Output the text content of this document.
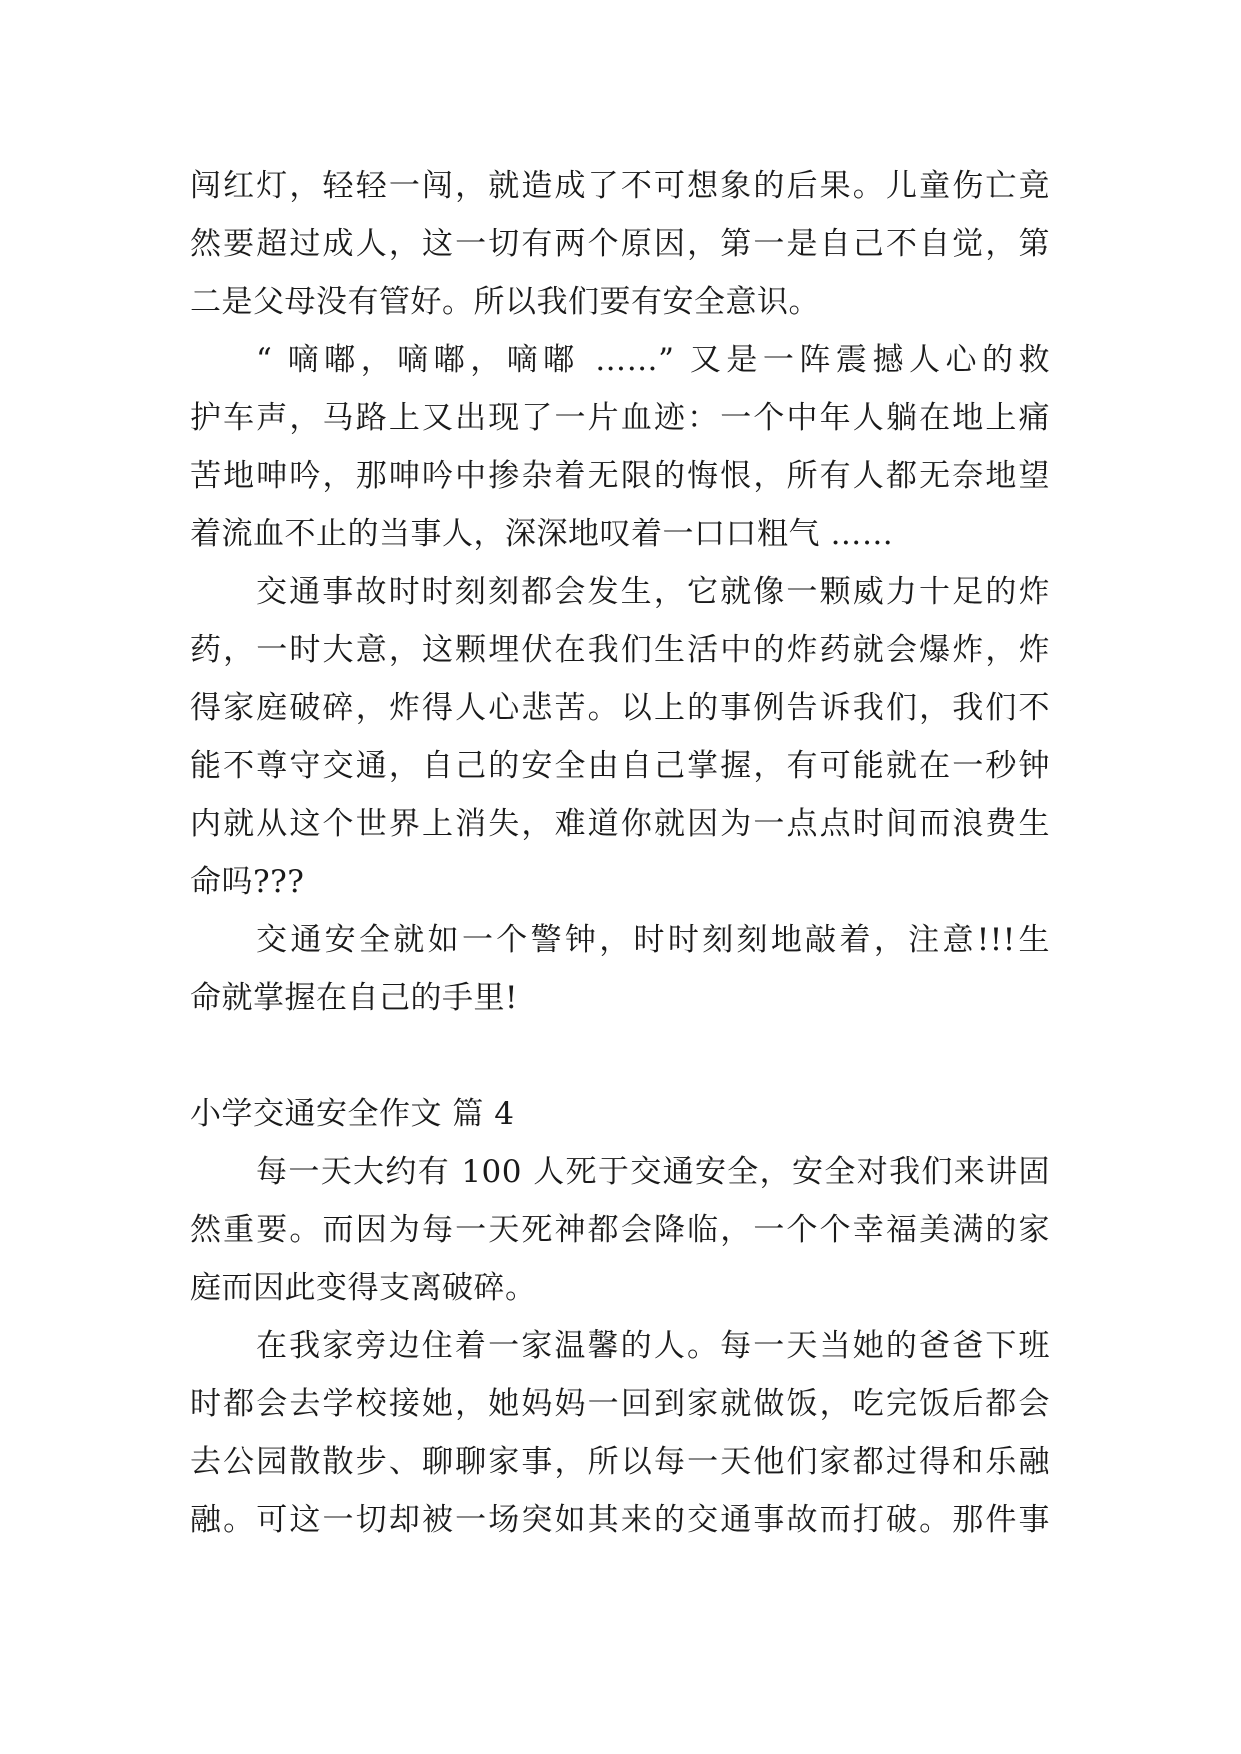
闯红灯，轻轻一闯，就造成了不可想象的后果。儿童伤亡竟
然要超过成人，这一切有两个原因，第一是自己不自觉，第
二是父母没有管好。所以我们要有安全意识。
“ 嘀嘟，嘀嘟，嘀嘟 ……” 又是一阵震撼人心的救
护车声，马路上又出现了一片血迹：一个中年人躺在地上痛
苦地呻吟，那呻吟中掺杂着无限的悔恨，所有人都无奈地望
着流血不止的当事人，深深地叹着一口口粗气 ……
交通事故时时刻刻都会发生，它就像一颗威力十足的炸
药，一时大意，这颗埋伏在我们生活中的炸药就会爆炸，炸
得家庭破碎，炸得人心悲苦。以上的事例告诉我们，我们不
能不尊守交通，自己的安全由自己掌握，有可能就在一秒钟
内就从这个世界上消失，难道你就因为一点点时间而浪费生
命吗???
交通安全就如一个警钟，时时刻刻地敲着，注意!!!生
命就掌握在自己的手里!
小学交通安全作文 篇 4
每一天大约有 100 人死于交通安全，安全对我们来讲固
然重要。而因为每一天死神都会降临，一个个幸福美满的家
庭而因此变得支离破碎。
在我家旁边住着一家温馨的人。每一天当她的爸爸下班
时都会去学校接她，她妈妈一回到家就做饭，吃完饭后都会
去公园散散步、聊聊家事，所以每一天他们家都过得和乐融
融。可这一切却被一场突如其来的交通事故而打破。那件事
